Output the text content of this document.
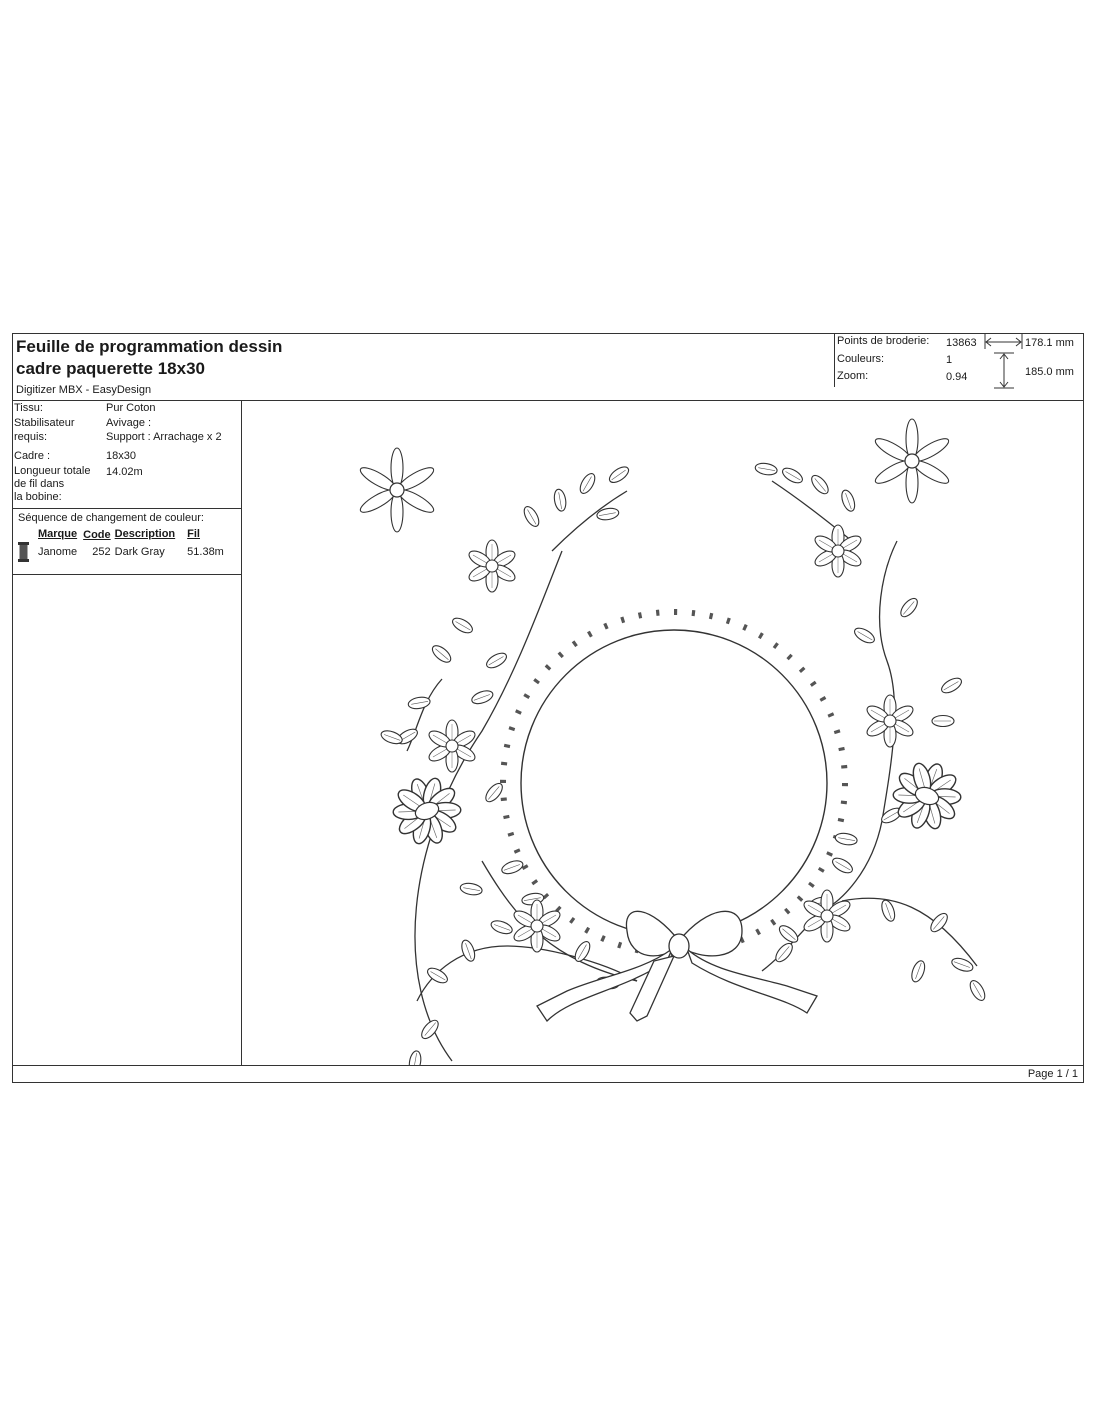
Feuille de programmation dessin
cadre paquerette 18x30
Digitizer MBX - EasyDesign
Points de broderie: 13863
Couleurs:	1
Zoom:	0.94
178.1 mm
185.0 mm
Tissu:	Pur Coton
Stabilisateur
requis:
Avivage :
Support : Arrachage x 2
Cadre :	18x30
Longueur totale
de fil dans
la bobine:
14.02m
Séquence de changement de couleur:
	Marque	Code	Description	Fil
	Janome	252	Dark Gray	51.38m
Page 1 / 1
